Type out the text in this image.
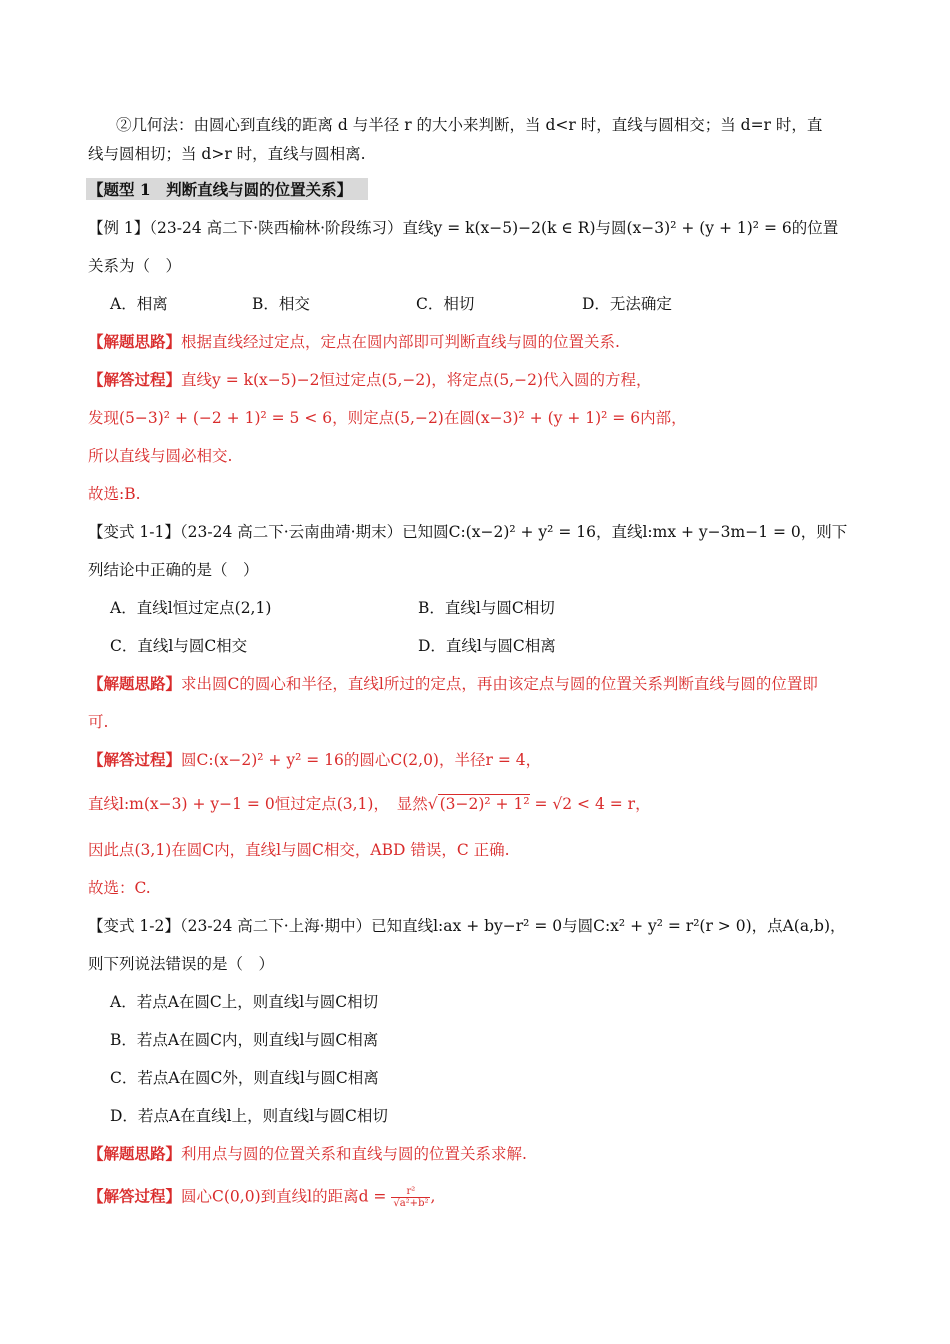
②几何法：由圆心到直线的距离 d 与半径 r 的大小来判断，当 d<r 时，直线与圆相交；当 d=r 时，直
线与圆相切；当 d>r 时，直线与圆相离.
【题型 1　判断直线与圆的位置关系】
【例 1】（23-24 高二下·陕西榆林·阶段练习）直线y = k(x−5)−2(k ∈ R)与圆(x−3)² + (y + 1)² = 6的位置
关系为（　）
A．相离	B．相交	C．相切	D．无法确定
【解题思路】根据直线经过定点，定点在圆内部即可判断直线与圆的位置关系.
【解答过程】直线y = k(x−5)−2恒过定点(5,−2)，将定点(5,−2)代入圆的方程，
发现(5−3)² + (−2 + 1)² = 5 < 6，则定点(5,−2)在圆(x−3)² + (y + 1)² = 6内部，
所以直线与圆必相交.
故选:B.
【变式 1-1】（23-24 高二下·云南曲靖·期末）已知圆C:(x−2)² + y² = 16，直线l:mx + y−3m−1 = 0，则下
列结论中正确的是（　）
A．直线l恒过定点(2,1)	B．直线l与圆C相切
C．直线l与圆C相交	D．直线l与圆C相离
【解题思路】求出圆C的圆心和半径，直线l所过的定点，再由该定点与圆的位置关系判断直线与圆的位置即
可.
【解答过程】圆C:(x−2)² + y² = 16的圆心C(2,0)，半径r = 4，
直线l:m(x−3) + y−1 = 0恒过定点(3,1)，　显然√ (3−2)² + 1² = √2 < 4 = r，
因此点(3,1)在圆C内，直线l与圆C相交，ABD 错误，C 正确.
故选：C.
【变式 1-2】（23-24 高二下·上海·期中）已知直线l:ax + by−r² = 0与圆C:x² + y² = r²(r > 0)，点A(a,b)，
则下列说法错误的是（　）
A．若点A在圆C上，则直线l与圆C相切
B．若点A在圆C内，则直线l与圆C相离
C．若点A在圆C外，则直线l与圆C相离
D．若点A在直线l上，则直线l与圆C相切
【解题思路】利用点与圆的位置关系和直线与圆的位置关系求解.
【解答过程】圆心C(0,0)到直线l的距离$d = \frac{\text{r²}}{\text{√a²+b²}}$ ,
